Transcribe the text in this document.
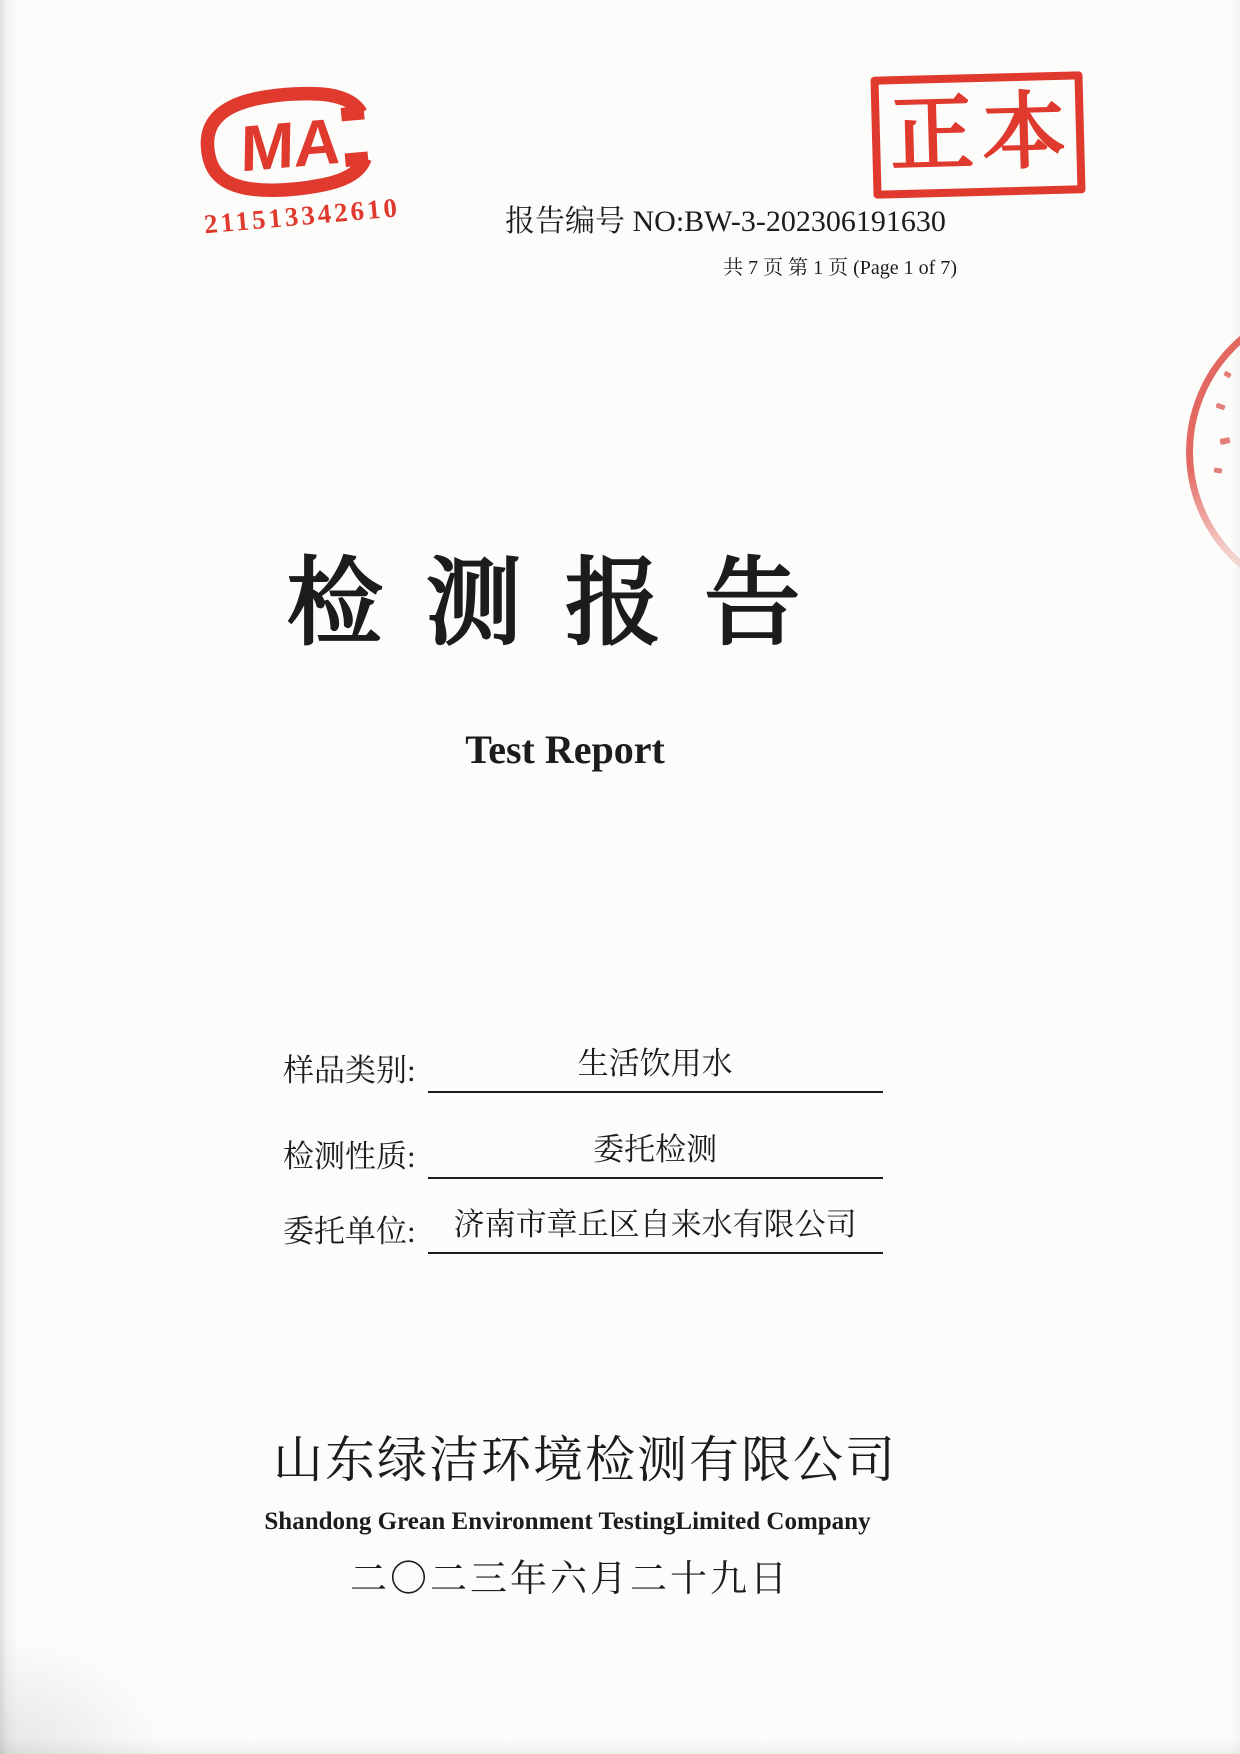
MA
211513342610
正本
报告编号 NO:BW-3-202306191630
共 7 页 第 1 页 (Page 1 of 7)
检测报告
Test Report
样品类别:	生活饮用水
检测性质:	委托检测
委托单位:	济南市章丘区自来水有限公司
山东绿洁环境检测有限公司
Shandong Grean Environment TestingLimited Company
二〇二三年六月二十九日
